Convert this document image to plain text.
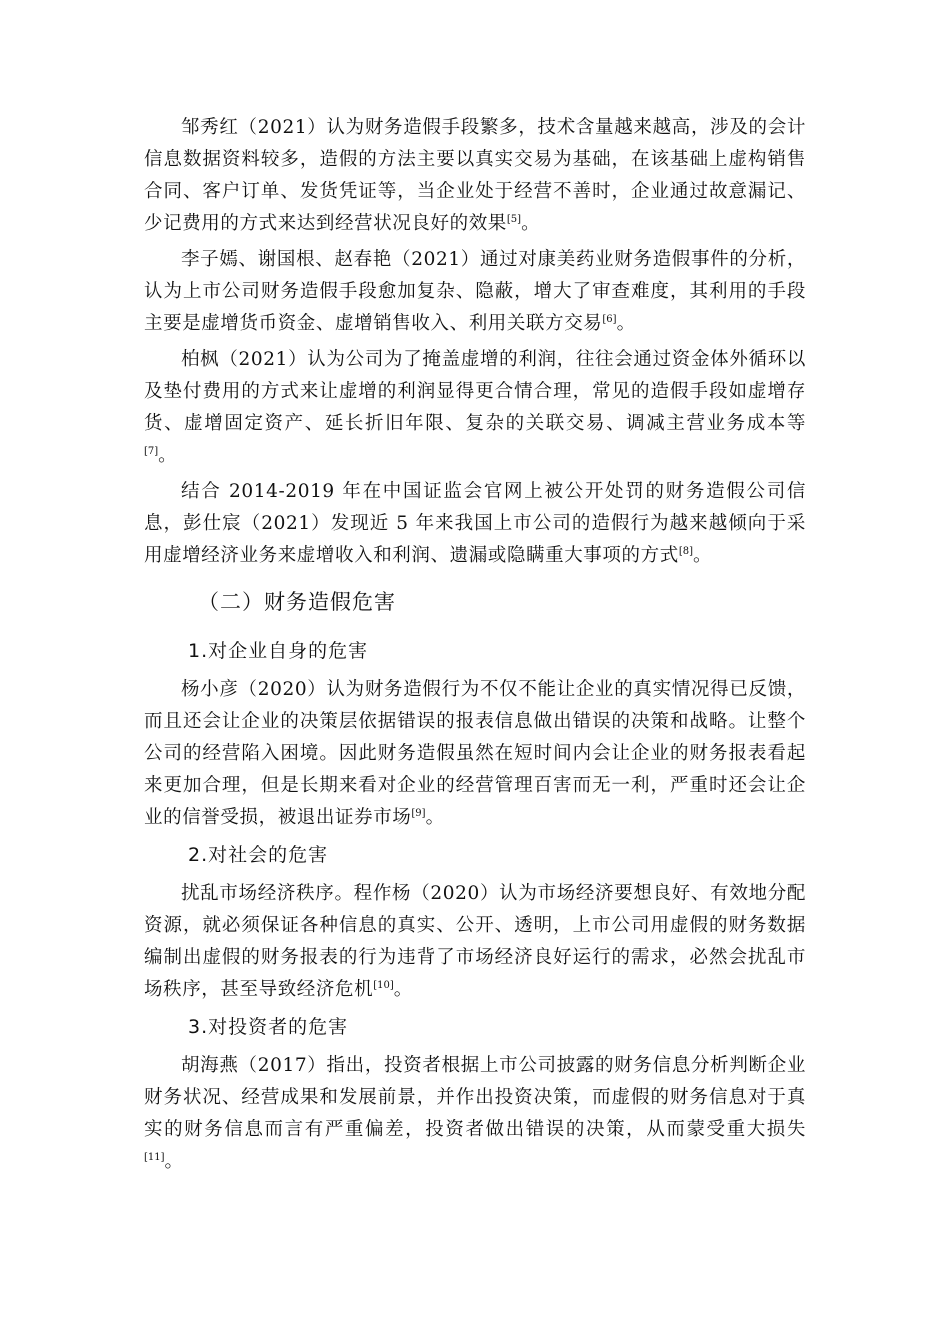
邹秀红（2021）认为财务造假手段繁多，技术含量越来越高，涉及的会计信息数据资料较多，造假的方法主要以真实交易为基础，在该基础上虚构销售合同、客户订单、发货凭证等，当企业处于经营不善时，企业通过故意漏记、少记费用的方式来达到经营状况良好的效果[5]。

李子嫣、谢国根、赵春艳（2021）通过对康美药业财务造假事件的分析，认为上市公司财务造假手段愈加复杂、隐蔽，增大了审查难度，其利用的手段主要是虚增货币资金、虚增销售收入、利用关联方交易[6]。

柏枫（2021）认为公司为了掩盖虚增的利润，往往会通过资金体外循环以及垫付费用的方式来让虚增的利润显得更合情合理，常见的造假手段如虚增存货、虚增固定资产、延长折旧年限、复杂的关联交易、调减主营业务成本等[7]。

结合 2014-2019 年在中国证监会官网上被公开处罚的财务造假公司信息，彭仕宸（2021）发现近 5 年来我国上市公司的造假行为越来越倾向于采用虚增经济业务来虚增收入和利润、遗漏或隐瞒重大事项的方式[8]。

（二）财务造假危害
1.对企业自身的危害

杨小彦（2020）认为财务造假行为不仅不能让企业的真实情况得已反馈，而且还会让企业的决策层依据错误的报表信息做出错误的决策和战略。让整个公司的经营陷入困境。因此财务造假虽然在短时间内会让企业的财务报表看起来更加合理，但是长期来看对企业的经营管理百害而无一利，严重时还会让企业的信誉受损，被退出证券市场[9]。

2.对社会的危害

扰乱市场经济秩序。程作杨（2020）认为市场经济要想良好、有效地分配资源，就必须保证各种信息的真实、公开、透明，上市公司用虚假的财务数据编制出虚假的财务报表的行为违背了市场经济良好运行的需求，必然会扰乱市场秩序，甚至导致经济危机[10]。

3.对投资者的危害

胡海燕（2017）指出，投资者根据上市公司披露的财务信息分析判断企业财务状况、经营成果和发展前景，并作出投资决策，而虚假的财务信息对于真实的财务信息而言有严重偏差，投资者做出错误的决策，从而蒙受重大损失[11]。
